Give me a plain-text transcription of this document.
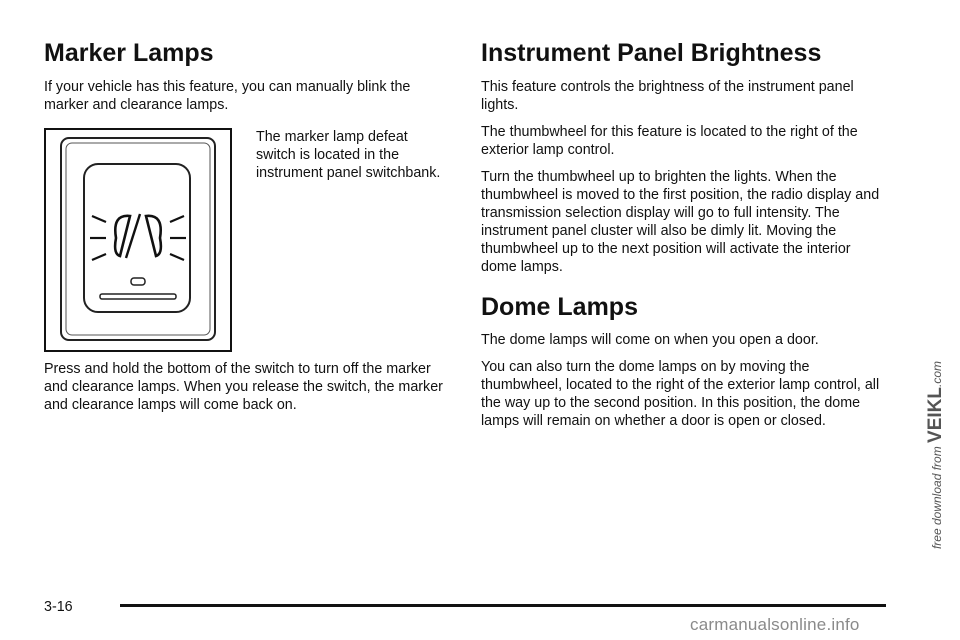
Marker Lamps

If your vehicle has this feature, you can manually blink the marker and clearance lamps.

The marker lamp defeat switch is located in the instrument panel switchbank.

Press and hold the bottom of the switch to turn off the marker and clearance lamps. When you release the switch, the marker and clearance lamps will come back on.

Instrument Panel Brightness

This feature controls the brightness of the instrument panel lights.

The thumbwheel for this feature is located to the right of the exterior lamp control.

Turn the thumbwheel up to brighten the lights. When the thumbwheel is moved to the first position, the radio display and transmission selection display will go to full intensity. The instrument panel cluster will also be dimly lit. Moving the thumbwheel up to the next position will activate the interior dome lamps.

Dome Lamps

The dome lamps will come on when you open a door.

You can also turn the dome lamps on by moving the thumbwheel, located to the right of the exterior lamp control, all the way up to the second position. In this position, the dome lamps will remain on whether a door is open or closed.

3-16
free download from VEIKL.com
carmanualsonline.info
